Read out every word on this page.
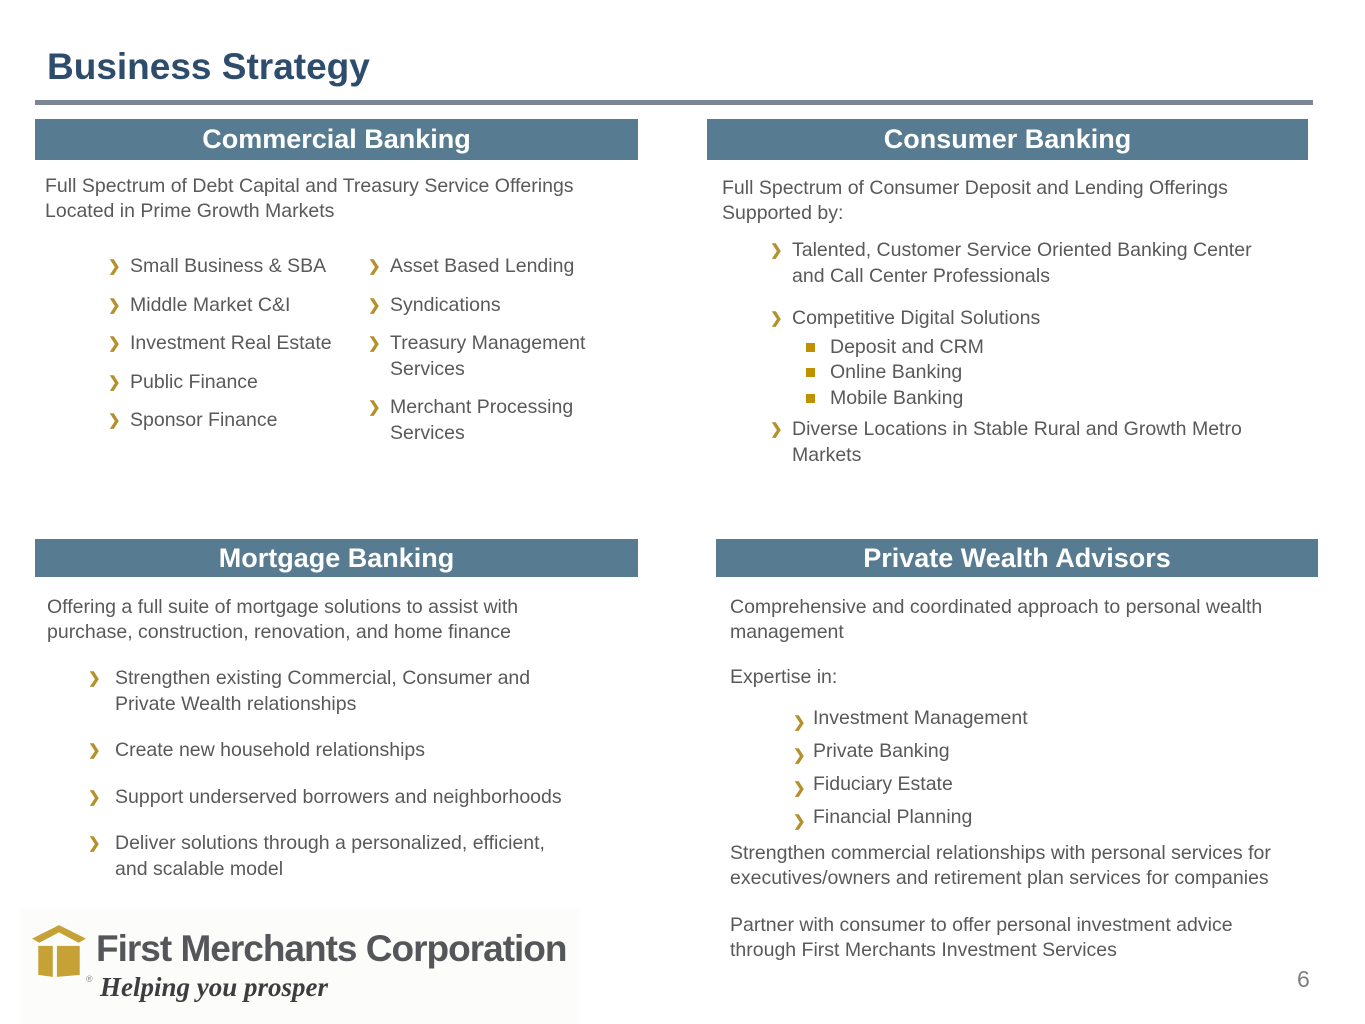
Business Strategy
Commercial Banking

Full Spectrum of Debt Capital and Treasury Service Offerings Located in Prime Growth Markets

❯ Small Business & SBA
❯ Middle Market C&I
❯ Investment Real Estate
❯ Public Finance
❯ Sponsor Finance
❯ Asset Based Lending
❯ Syndications
❯ Treasury Management Services
❯ Merchant Processing Services
Consumer Banking

Full Spectrum of Consumer Deposit and Lending Offerings Supported by:

❯ Talented, Customer Service Oriented Banking Center and Call Center Professionals
❯ Competitive Digital Solutions
Deposit and CRM
Online Banking
Mobile Banking
❯ Diverse Locations in Stable Rural and Growth Metro Markets
Mortgage Banking

Offering a full suite of mortgage solutions to assist with purchase, construction, renovation, and home finance

❯ Strengthen existing Commercial, Consumer and Private Wealth relationships
❯ Create new household relationships
❯ Support underserved borrowers and neighborhoods
❯ Deliver solutions through a personalized, efficient, and scalable model
Private Wealth Advisors

Comprehensive and coordinated approach to personal wealth management

Expertise in:

❯ Investment Management
❯ Private Banking
❯ Fiduciary Estate
❯ Financial Planning

Strengthen commercial relationships with personal services for executives/owners and retirement plan services for companies

Partner with consumer to offer personal investment advice through First Merchants Investment Services

®
First Merchants Corporation
Helping you prosper	6
